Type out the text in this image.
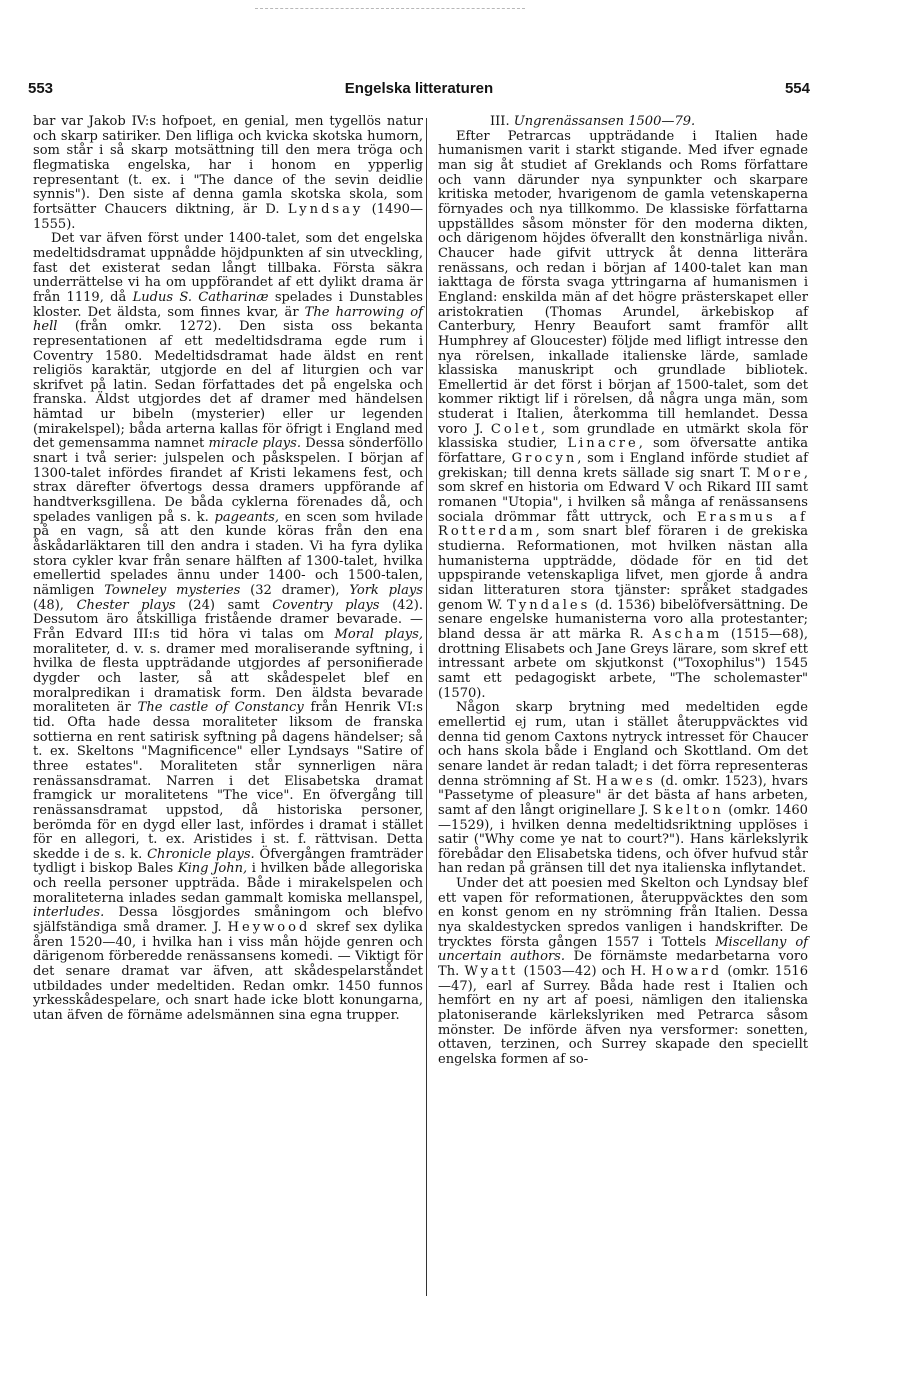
553	Engelska litteraturen	554

bar var Jakob IV:s hofpoet, en genial, men tygellös natur och skarp satiriker. Den lifliga och kvicka skotska humorn, som står i så skarp motsättning till den mera tröga och flegmatiska engelska, har i honom en ypperlig representant (t. ex. i "The dance of the sevin deidlie synnis"). Den siste af denna gamla skotska skola, som fortsätter Chaucers diktning, är D. Lyndsay (1490—1555).

Det var äfven först under 1400-talet, som det engelska medeltidsdramat uppnådde höjdpunkten af sin utveckling, fast det existerat sedan långt tillbaka. Första säkra underrättelse vi ha om uppförandet af ett dylikt drama är från 1119, då Ludus S. Catharinæ spelades i Dunstables kloster. Det äldsta, som finnes kvar, är The harrowing of hell (från omkr. 1272). Den sista oss bekanta representationen af ett medeltidsdrama egde rum i Coventry 1580. Medeltidsdramat hade äldst en rent religiös karaktär, utgjorde en del af liturgien och var skrifvet på latin. Sedan författades det på engelska och franska. Äldst utgjordes det af dramer med händelsen hämtad ur bibeln (mysterier) eller ur legenden (mirakelspel); båda arterna kallas för öfrigt i England med det gemensamma namnet miracle plays. Dessa sönderföllo snart i två serier: julspelen och påskspelen. I början af 1300-talet infördes firandet af Kristi lekamens fest, och strax därefter öfvertogs dessa dramers uppförande af handtverksgillena. De båda cyklerna förenades då, och spelades vanligen på s. k. pageants, en scen som hvilade på en vagn, så att den kunde köras från den ena åskådarläktaren till den andra i staden. Vi ha fyra dylika stora cykler kvar från senare hälften af 1300-talet, hvilka emellertid spelades ännu under 1400- och 1500-talen, nämligen Towneley mysteries (32 dramer), York plays (48), Chester plays (24) samt Coventry plays (42). Dessutom äro åtskilliga fristående dramer bevarade. — Från Edvard III:s tid höra vi talas om Moral plays, moraliteter, d. v. s. dramer med moraliserande syftning, i hvilka de flesta uppträdande utgjordes af personifierade dygder och laster, så att skådespelet blef en moralpredikan i dramatisk form. Den äldsta bevarade moraliteten är The castle of Constancy från Henrik VI:s tid. Ofta hade dessa moraliteter liksom de franska sottierna en rent satirisk syftning på dagens händelser; så t. ex. Skeltons "Magnificence" eller Lyndsays "Satire of three estates". Moraliteten står synnerligen nära renässansdramat. Narren i det Elisabetska dramat framgick ur moralitetens "The vice". En öfvergång till renässansdramat uppstod, då historiska personer, berömda för en dygd eller last, infördes i dramat i stället för en allegori, t. ex. Aristides i st. f. rättvisan. Detta skedde i de s. k. Chronicle plays. Öfvergången framträder tydligt i biskop Bales King John, i hvilken både allegoriska och reella personer uppträda. Både i mirakelspelen och moraliteterna inlades sedan gammalt komiska mellanspel, interludes. Dessa lösgjordes småningom och blefvo själfständiga små dramer. J. Heywood skref sex dylika åren 1520—40, i hvilka han i viss mån höjde genren och därigenom förberedde renässansens komedi. — Viktigt för det senare dramat var äfven, att skådespelarståndet utbildades under medeltiden. Redan omkr. 1450 funnos yrkesskådespelare, och snart hade icke blott konungarna, utan äfven de förnäme adelsmännen sina egna trupper.

III. Ungrenässansen 1500—79.

Efter Petrarcas uppträdande i Italien hade humanismen varit i starkt stigande. Med ifver egnade man sig åt studiet af Greklands och Roms författare och vann därunder nya synpunkter och skarpare kritiska metoder, hvarigenom de gamla vetenskaperna förnyades och nya tillkommo. De klassiske författarna uppställdes såsom mönster för den moderna dikten, och därigenom höjdes öfverallt den konstnärliga nivån. Chaucer hade gifvit uttryck åt denna litterära renässans, och redan i början af 1400-talet kan man iakttaga de första svaga yttringarna af humanismen i England: enskilda män af det högre prästerskapet eller aristokratien (Thomas Arundel, ärkebiskop af Canterbury, Henry Beaufort samt framför allt Humphrey af Gloucester) följde med lifligt intresse den nya rörelsen, inkallade italienske lärde, samlade klassiska manuskript och grundlade bibliotek. Emellertid är det först i början af 1500-talet, som det kommer riktigt lif i rörelsen, då några unga män, som studerat i Italien, återkomma till hemlandet. Dessa voro J. Colet, som grundlade en utmärkt skola för klassiska studier, Linacre, som öfversatte antika författare, Grocyn, som i England införde studiet af grekiskan; till denna krets sällade sig snart T. More, som skref en historia om Edward V och Rikard III samt romanen "Utopia", i hvilken så många af renässansens sociala drömmar fått uttryck, och Erasmus af Rotterdam, som snart blef föraren i de grekiska studierna. Reformationen, mot hvilken nästan alla humanisterna uppträdde, dödade för en tid det uppspirande vetenskapliga lifvet, men gjorde å andra sidan litteraturen stora tjänster: språket stadgades genom W. Tyndales (d. 1536) bibelöfversättning. De senare engelske humanisterna voro alla protestanter; bland dessa är att märka R. Ascham (1515—68), drottning Elisabets och Jane Greys lärare, som skref ett intressant arbete om skjutkonst ("Toxophilus") 1545 samt ett pedagogiskt arbete, "The scholemaster" (1570).

Någon skarp brytning med medeltiden egde emellertid ej rum, utan i stället återuppväcktes vid denna tid genom Caxtons nytryck intresset för Chaucer och hans skola både i England och Skottland. Om det senare landet är redan taladt; i det förra representeras denna strömning af St. Hawes (d. omkr. 1523), hvars "Passetyme of pleasure" är det bästa af hans arbeten, samt af den långt originellare J. Skelton (omkr. 1460—1529), i hvilken denna medeltidsriktning upplöses i satir ("Why come ye nat to court?"). Hans kärlekslyrik förebådar den Elisabetska tidens, och öfver hufvud står han redan på gränsen till det nya italienska inflytandet.

Under det att poesien med Skelton och Lyndsay blef ett vapen för reformationen, återuppväcktes den som en konst genom en ny strömning från Italien. Dessa nya skaldestycken spredos vanligen i handskrifter. De trycktes första gången 1557 i Tottels Miscellany of uncertain authors. De förnämste medarbetarna voro Th. Wyatt (1503—42) och H. Howard (omkr. 1516—47), earl af Surrey. Båda hade rest i Italien och hemfört en ny art af poesi, nämligen den italienska platoniserande kärlekslyriken med Petrarca såsom mönster. De införde äfven nya versformer: sonetten, ottaven, terzinen, och Surrey skapade den speciellt engelska formen af so-
